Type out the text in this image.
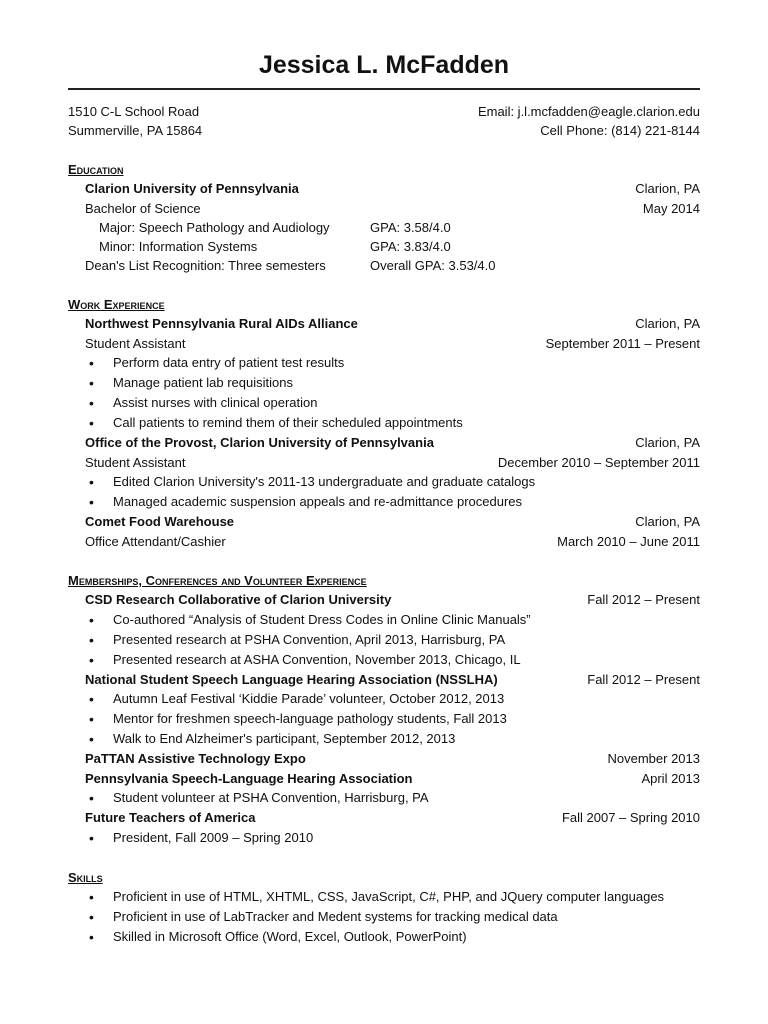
Jessica L. McFadden
1510 C-L School Road
Summerville, PA 15864
Email: j.l.mcfadden@eagle.clarion.edu
Cell Phone: (814) 221-8144
Education
Clarion University of Pennsylvania	Clarion, PA
Bachelor of Science	May 2014
Major: Speech Pathology and Audiology	GPA: 3.58/4.0
Minor: Information Systems	GPA: 3.83/4.0
Dean's List Recognition: Three semesters	Overall GPA: 3.53/4.0
Work Experience
Northwest Pennsylvania Rural AIDs Alliance	Clarion, PA
Student Assistant	September 2011 – Present
• Perform data entry of patient test results
• Manage patient lab requisitions
• Assist nurses with clinical operation
• Call patients to remind them of their scheduled appointments
Office of the Provost, Clarion University of Pennsylvania	Clarion, PA
Student Assistant	December 2010 – September 2011
• Edited Clarion University's 2011-13 undergraduate and graduate catalogs
• Managed academic suspension appeals and re-admittance procedures
Comet Food Warehouse	Clarion, PA
Office Attendant/Cashier	March 2010 – June 2011
Memberships, Conferences and Volunteer Experience
CSD Research Collaborative of Clarion University	Fall 2012 – Present
• Co-authored “Analysis of Student Dress Codes in Online Clinic Manuals”
• Presented research at PSHA Convention, April 2013, Harrisburg, PA
• Presented research at ASHA Convention, November 2013, Chicago, IL
National Student Speech Language Hearing Association (NSSLHA)	Fall 2012 – Present
• Autumn Leaf Festival ‘Kiddie Parade’ volunteer, October 2012, 2013
• Mentor for freshmen speech-language pathology students, Fall 2013
• Walk to End Alzheimer's participant, September 2012, 2013
PaTTAN Assistive Technology Expo	November 2013
Pennsylvania Speech-Language Hearing Association	April 2013
• Student volunteer at PSHA Convention, Harrisburg, PA
Future Teachers of America	Fall 2007 – Spring 2010
• President, Fall 2009 – Spring 2010
Skills
• Proficient in use of HTML, XHTML, CSS, JavaScript, C#, PHP, and JQuery computer languages
• Proficient in use of LabTracker and Medent systems for tracking medical data
• Skilled in Microsoft Office (Word, Excel, Outlook, PowerPoint)
